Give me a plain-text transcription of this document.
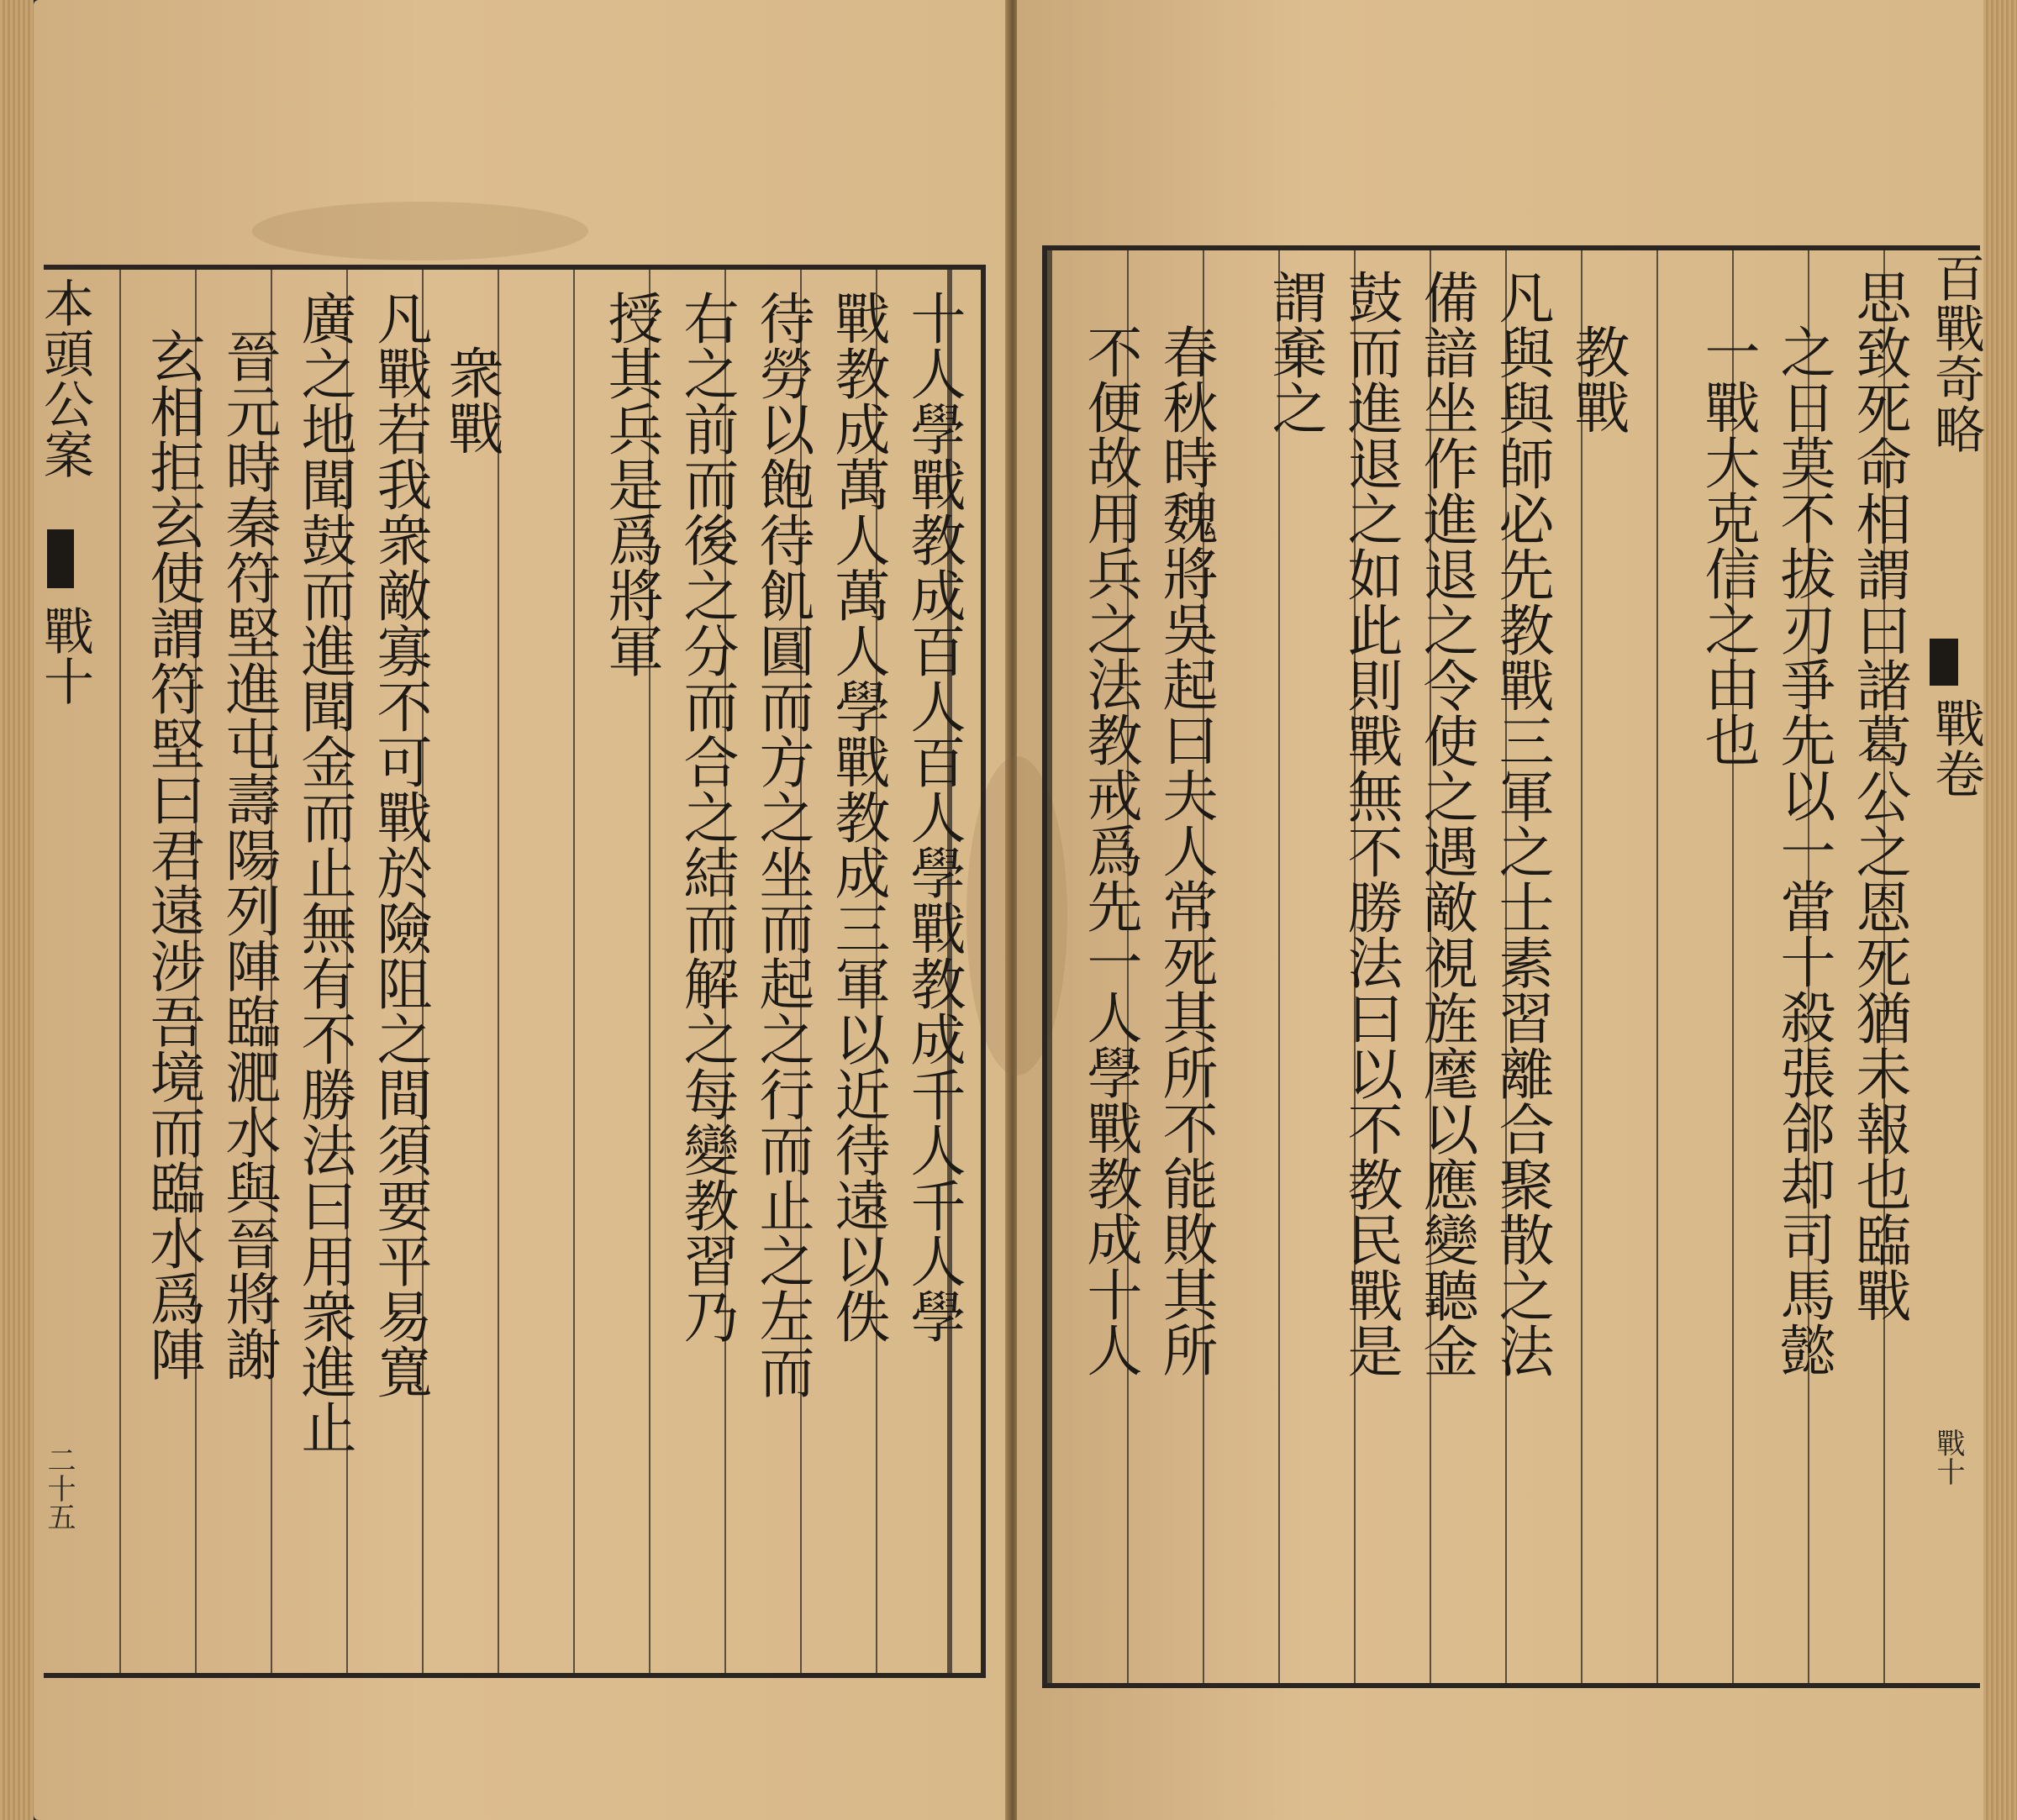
本頭公案
戰十
二十五
十人學戰教成百人百人學戰教成千人千人學
戰教成萬人萬人學戰教成三軍以近待遠以佚
待勞以飽待飢圓而方之坐而起之行而止之左而
右之前而後之分而合之結而解之每變教習乃
授其兵是爲將軍
衆戰
凡戰若我衆敵寡不可戰於險阻之間須要平易寬
廣之地聞鼓而進聞金而止無有不勝法曰用衆進止
晉元時秦符堅進屯壽陽列陣臨淝水與晉將謝
玄相拒玄使謂符堅曰君遠涉吾境而臨水爲陣	思致死命相謂曰諸葛公之恩死猶未報也臨戰
之日莫不拔刃爭先以一當十殺張郃却司馬懿
一戰大克信之由也
教戰
凡與與師必先教戰三軍之士素習離合聚散之法
備諳坐作進退之令使之遇敵視旌麾以應變聽金
鼓而進退之如此則戰無不勝法曰以不教民戰是
謂棄之
春秋時魏將吳起曰夫人常死其所不能敗其所
不便故用兵之法教戒爲先一人學戰教成十人	百戰奇略
戰卷
戰十
